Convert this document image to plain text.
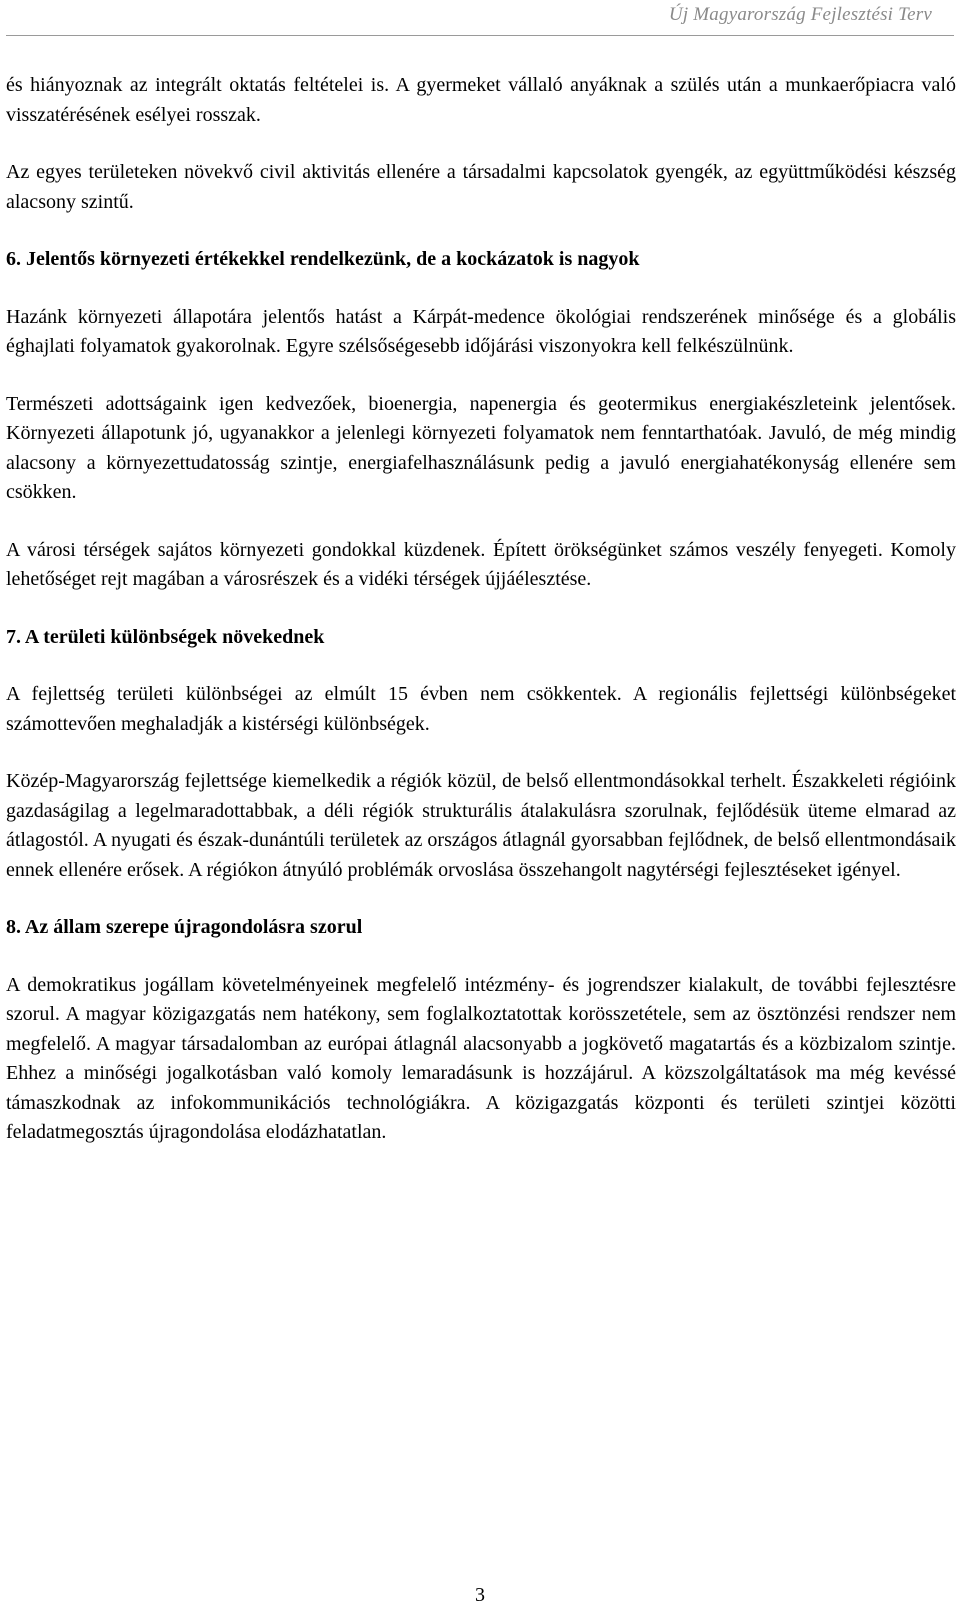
Új Magyarország Fejlesztési Terv

és hiányoznak az integrált oktatás feltételei is. A gyermeket vállaló anyáknak a szülés után a munkaerőpiacra való visszatérésének esélyei rosszak.

Az egyes területeken növekvő civil aktivitás ellenére a társadalmi kapcsolatok gyengék, az együttműködési készség alacsony szintű.

6. Jelentős környezeti értékekkel rendelkezünk, de a kockázatok is nagyok

Hazánk környezeti állapotára jelentős hatást a Kárpát-medence ökológiai rendszerének minősége és a globális éghajlati folyamatok gyakorolnak. Egyre szélsőségesebb időjárási viszonyokra kell felkészülnünk.

Természeti adottságaink igen kedvezőek, bioenergia, napenergia és geotermikus energiakészleteink jelentősek. Környezeti állapotunk jó, ugyanakkor a jelenlegi környezeti folyamatok nem fenntarthatóak. Javuló, de még mindig alacsony a környezettudatosság szintje, energiafelhasználásunk pedig a javuló energiahatékonyság ellenére sem csökken.

A városi térségek sajátos környezeti gondokkal küzdenek. Épített örökségünket számos veszély fenyegeti. Komoly lehetőséget rejt magában a városrészek és a vidéki térségek újjáélesztése.

7. A területi különbségek növekednek

A fejlettség területi különbségei az elmúlt 15 évben nem csökkentek. A regionális fejlettségi különbségeket számottevően meghaladják a kistérségi különbségek.

Közép-Magyarország fejlettsége kiemelkedik a régiók közül, de belső ellentmondásokkal terhelt. Északkeleti régióink gazdaságilag a legelmaradottabbak, a déli régiók strukturális átalakulásra szorulnak, fejlődésük üteme elmarad az átlagostól. A nyugati és észak-dunántúli területek az országos átlagnál gyorsabban fejlődnek, de belső ellentmondásaik ennek ellenére erősek. A régiókon átnyúló problémák orvoslása összehangolt nagytérségi fejlesztéseket igényel.

8. Az állam szerepe újragondolásra szorul

A demokratikus jogállam követelményeinek megfelelő intézmény- és jogrendszer kialakult, de további fejlesztésre szorul. A magyar közigazgatás nem hatékony, sem foglalkoztatottak korösszetétele, sem az ösztönzési rendszer nem megfelelő. A magyar társadalomban az európai átlagnál alacsonyabb a jogkövető magatartás és a közbizalom szintje. Ehhez a minőségi jogalkotásban való komoly lemaradásunk is hozzájárul. A közszolgáltatások ma még kevéssé támaszkodnak az infokommunikációs technológiákra. A közigazgatás központi és területi szintjei közötti feladatmegosztás újragondolása elodázhatatlan.

3
